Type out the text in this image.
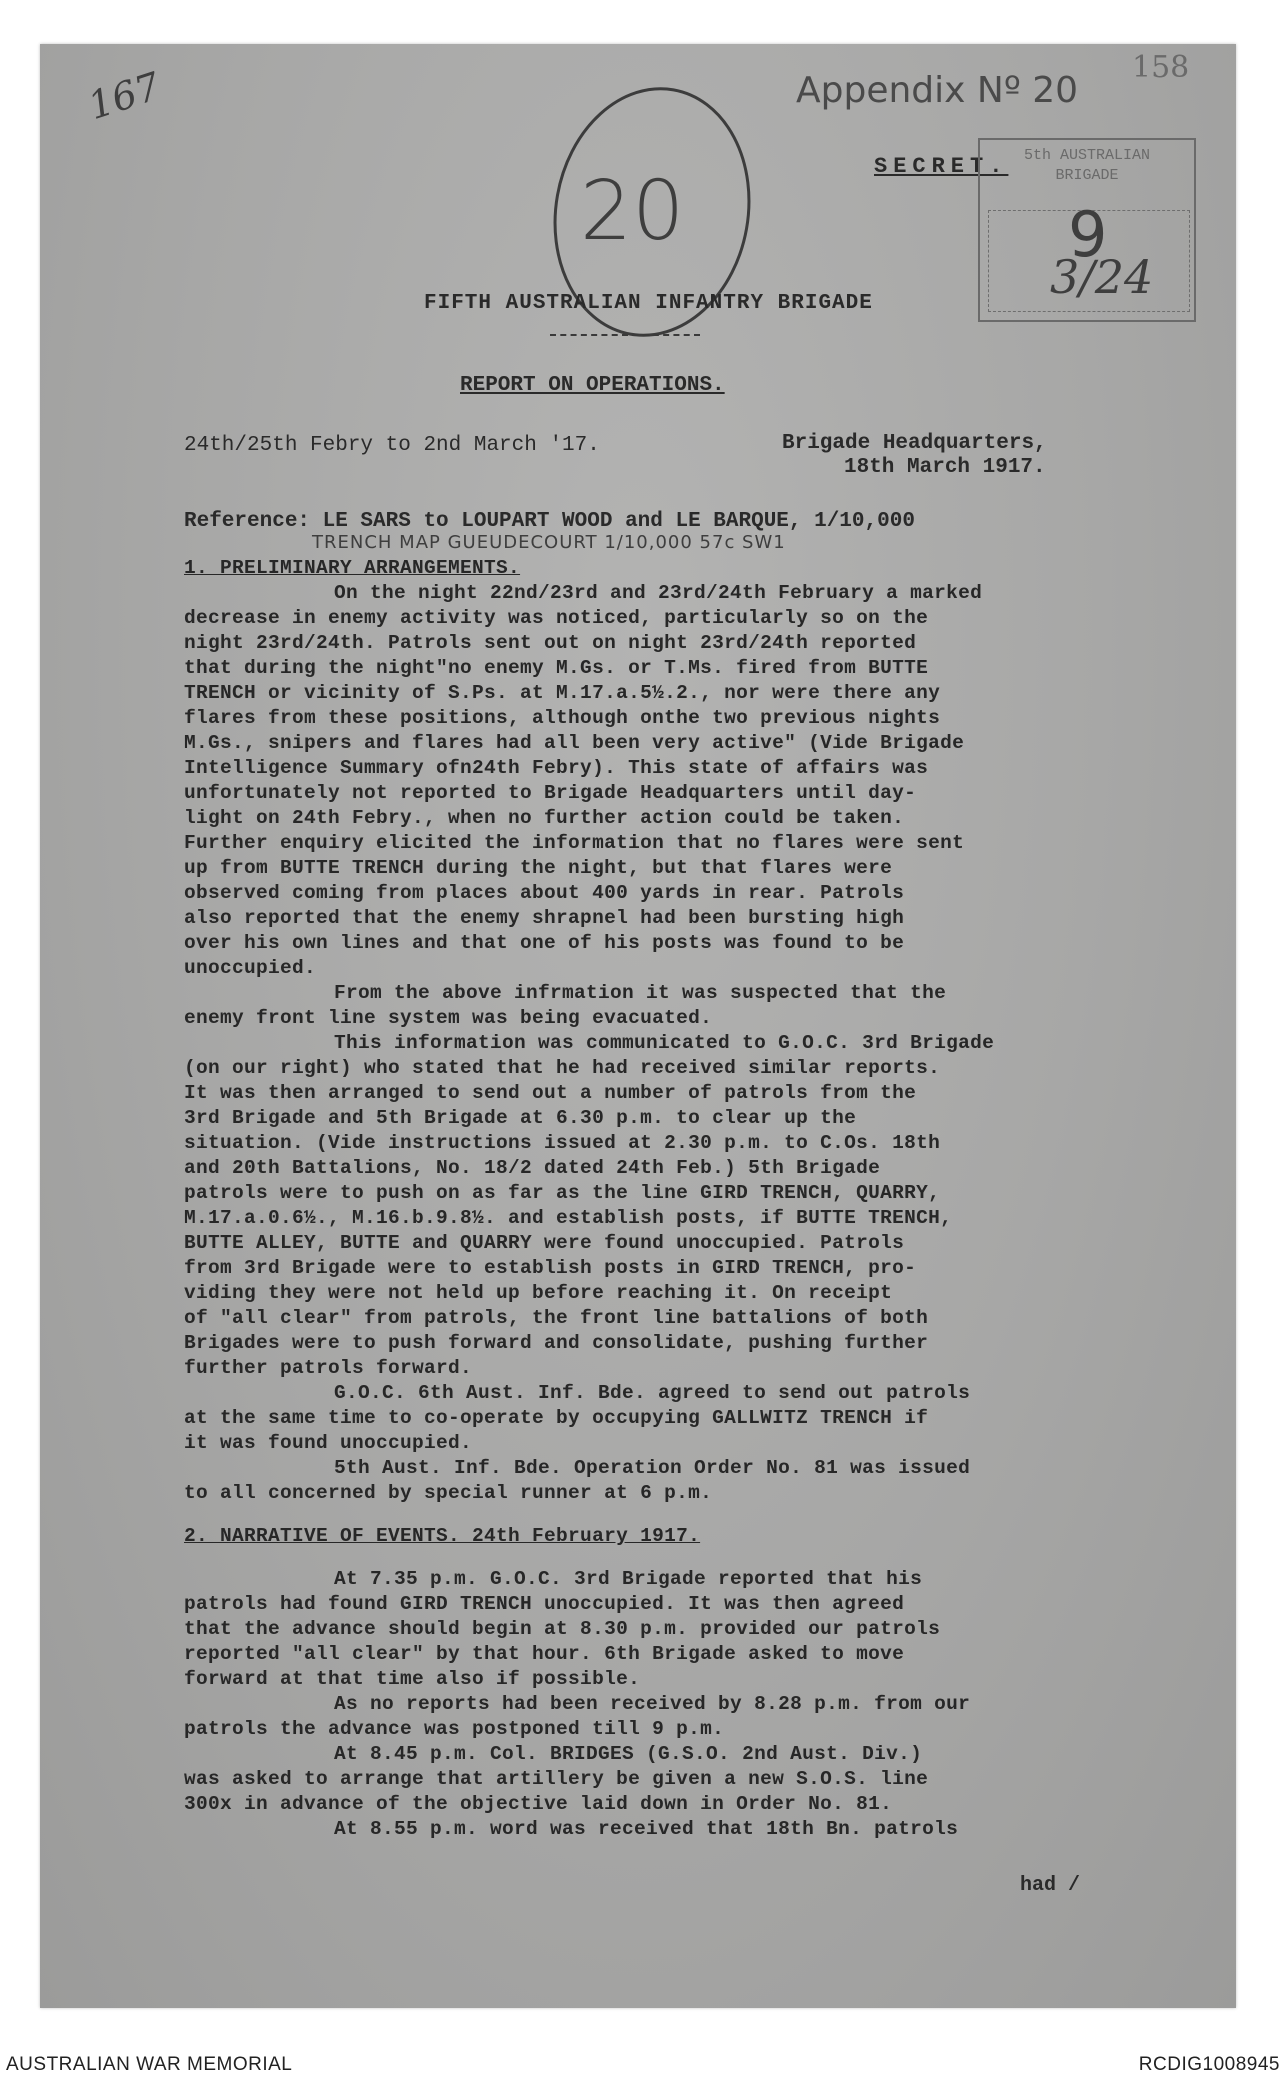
167	158
20
Appendix Nº 20
SECRET.	5th AUSTRALIAN BRIGADE
9
3/24
FIFTH AUSTRALIAN INFANTRY BRIGADE
REPORT ON OPERATIONS.
24th/25th Febry to 2nd March '17.	Brigade Headquarters,
18th March 1917.
Reference: LE SARS to LOUPART WOOD and LE BARQUE, 1/10,000
TRENCH MAP GUEUDECOURT 1/10,000 57c SW1
1. PRELIMINARY ARRANGEMENTS.
On the night 22nd/23rd and 23rd/24th February a marked
decrease in enemy activity was noticed, particularly so on the
night 23rd/24th. Patrols sent out on night 23rd/24th reported
that during the night"no enemy M.Gs. or T.Ms. fired from BUTTE
TRENCH or vicinity of S.Ps. at M.17.a.5½.2., nor were there any
flares from these positions, although onthe two previous nights
M.Gs., snipers and flares had all been very active" (Vide Brigade
Intelligence Summary ofn24th Febry). This state of affairs was
unfortunately not reported to Brigade Headquarters until day-
light on 24th Febry., when no further action could be taken.
Further enquiry elicited the information that no flares were sent
up from BUTTE TRENCH during the night, but that flares were
observed coming from places about 400 yards in rear. Patrols
also reported that the enemy shrapnel had been bursting high
over his own lines and that one of his posts was found to be
unoccupied.
From the above infrmation it was suspected that the
enemy front line system was being evacuated.
This information was communicated to G.O.C. 3rd Brigade
(on our right) who stated that he had received similar reports.
It was then arranged to send out a number of patrols from the
3rd Brigade and 5th Brigade at 6.30 p.m. to clear up the
situation. (Vide instructions issued at 2.30 p.m. to C.Os. 18th
and 20th Battalions, No. 18/2 dated 24th Feb.) 5th Brigade
patrols were to push on as far as the line GIRD TRENCH, QUARRY,
M.17.a.0.6½., M.16.b.9.8½. and establish posts, if BUTTE TRENCH,
BUTTE ALLEY, BUTTE and QUARRY were found unoccupied. Patrols
from 3rd Brigade were to establish posts in GIRD TRENCH, pro-
viding they were not held up before reaching it. On receipt
of "all clear" from patrols, the front line battalions of both
Brigades were to push forward and consolidate, pushing further
further patrols forward.
G.O.C. 6th Aust. Inf. Bde. agreed to send out patrols
at the same time to co-operate by occupying GALLWITZ TRENCH if
it was found unoccupied.
5th Aust. Inf. Bde. Operation Order No. 81 was issued
to all concerned by special runner at 6 p.m.
2. NARRATIVE OF EVENTS. 24th February 1917.
At 7.35 p.m. G.O.C. 3rd Brigade reported that his
patrols had found GIRD TRENCH unoccupied. It was then agreed
that the advance should begin at 8.30 p.m. provided our patrols
reported "all clear" by that hour. 6th Brigade asked to move
forward at that time also if possible.
As no reports had been received by 8.28 p.m. from our
patrols the advance was postponed till 9 p.m.
At 8.45 p.m. Col. BRIDGES (G.S.O. 2nd Aust. Div.)
was asked to arrange that artillery be given a new S.O.S. line
300x in advance of the objective laid down in Order No. 81.
At 8.55 p.m. word was received that 18th Bn. patrols
had /
AUSTRALIAN WAR MEMORIAL	RCDIG1008945
